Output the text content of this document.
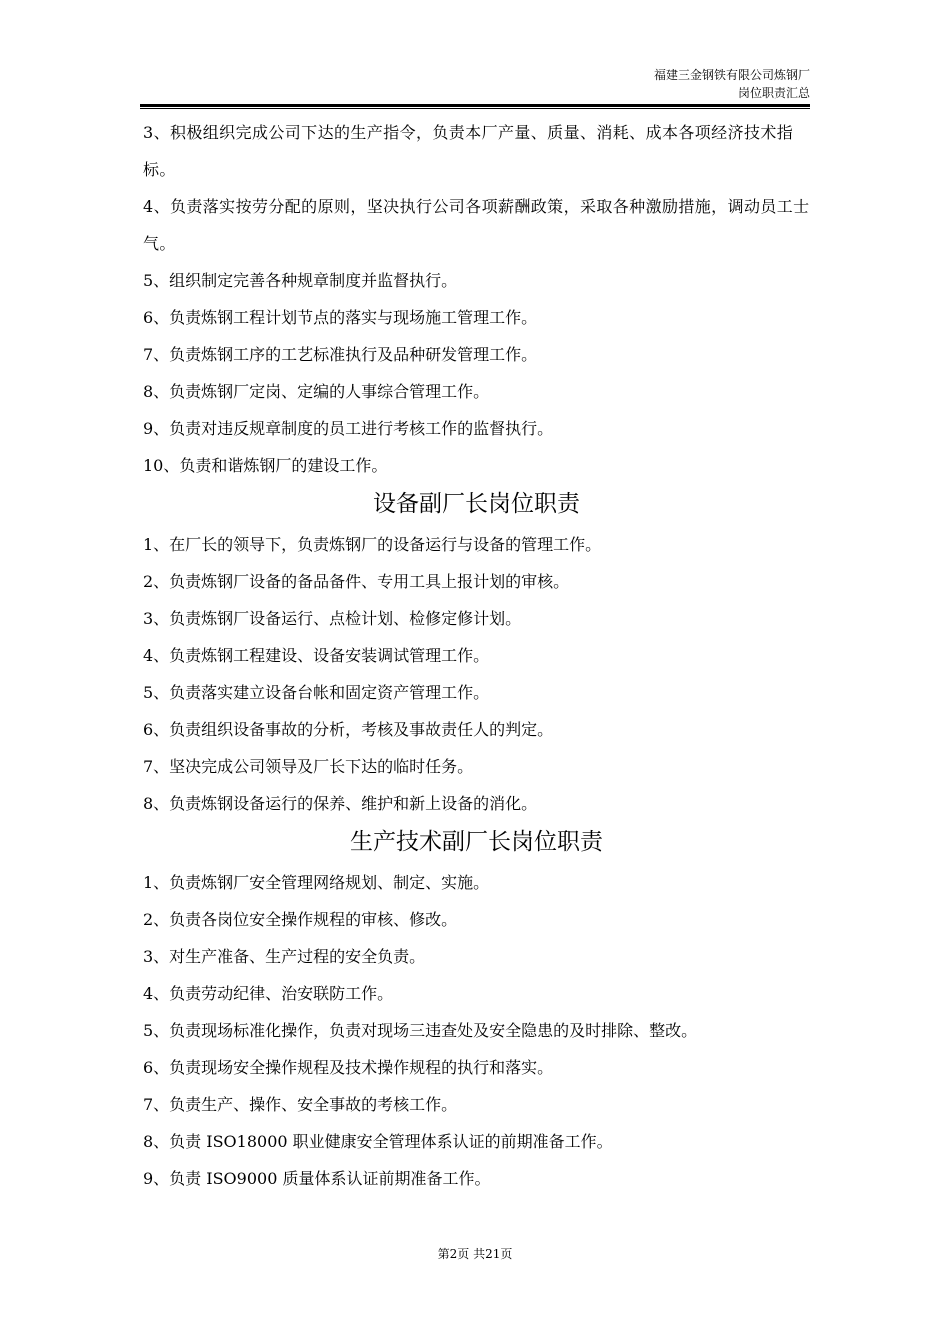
福建三金钢铁有限公司炼钢厂
岗位职责汇总

3、积极组织完成公司下达的生产指令，负责本厂产量、质量、消耗、成本各项经济技术指标。

4、负责落实按劳分配的原则，坚决执行公司各项薪酬政策，采取各种激励措施，调动员工士气。

5、组织制定完善各种规章制度并监督执行。

6、负责炼钢工程计划节点的落实与现场施工管理工作。

7、负责炼钢工序的工艺标准执行及品种研发管理工作。

8、负责炼钢厂定岗、定编的人事综合管理工作。

9、负责对违反规章制度的员工进行考核工作的监督执行。

10、负责和谐炼钢厂的建设工作。

设备副厂长岗位职责

1、在厂长的领导下，负责炼钢厂的设备运行与设备的管理工作。

2、负责炼钢厂设备的备品备件、专用工具上报计划的审核。

3、负责炼钢厂设备运行、点检计划、检修定修计划。

4、负责炼钢工程建设、设备安装调试管理工作。

5、负责落实建立设备台帐和固定资产管理工作。

6、负责组织设备事故的分析，考核及事故责任人的判定。

7、坚决完成公司领导及厂长下达的临时任务。

8、负责炼钢设备运行的保养、维护和新上设备的消化。

生产技术副厂长岗位职责

1、负责炼钢厂安全管理网络规划、制定、实施。

2、负责各岗位安全操作规程的审核、修改。

3、对生产准备、生产过程的安全负责。

4、负责劳动纪律、治安联防工作。

5、负责现场标准化操作，负责对现场三违查处及安全隐患的及时排除、整改。

6、负责现场安全操作规程及技术操作规程的执行和落实。

7、负责生产、操作、安全事故的考核工作。

8、负责 ISO18000 职业健康安全管理体系认证的前期准备工作。

9、负责 ISO9000 质量体系认证前期准备工作。

第2页 共21页
